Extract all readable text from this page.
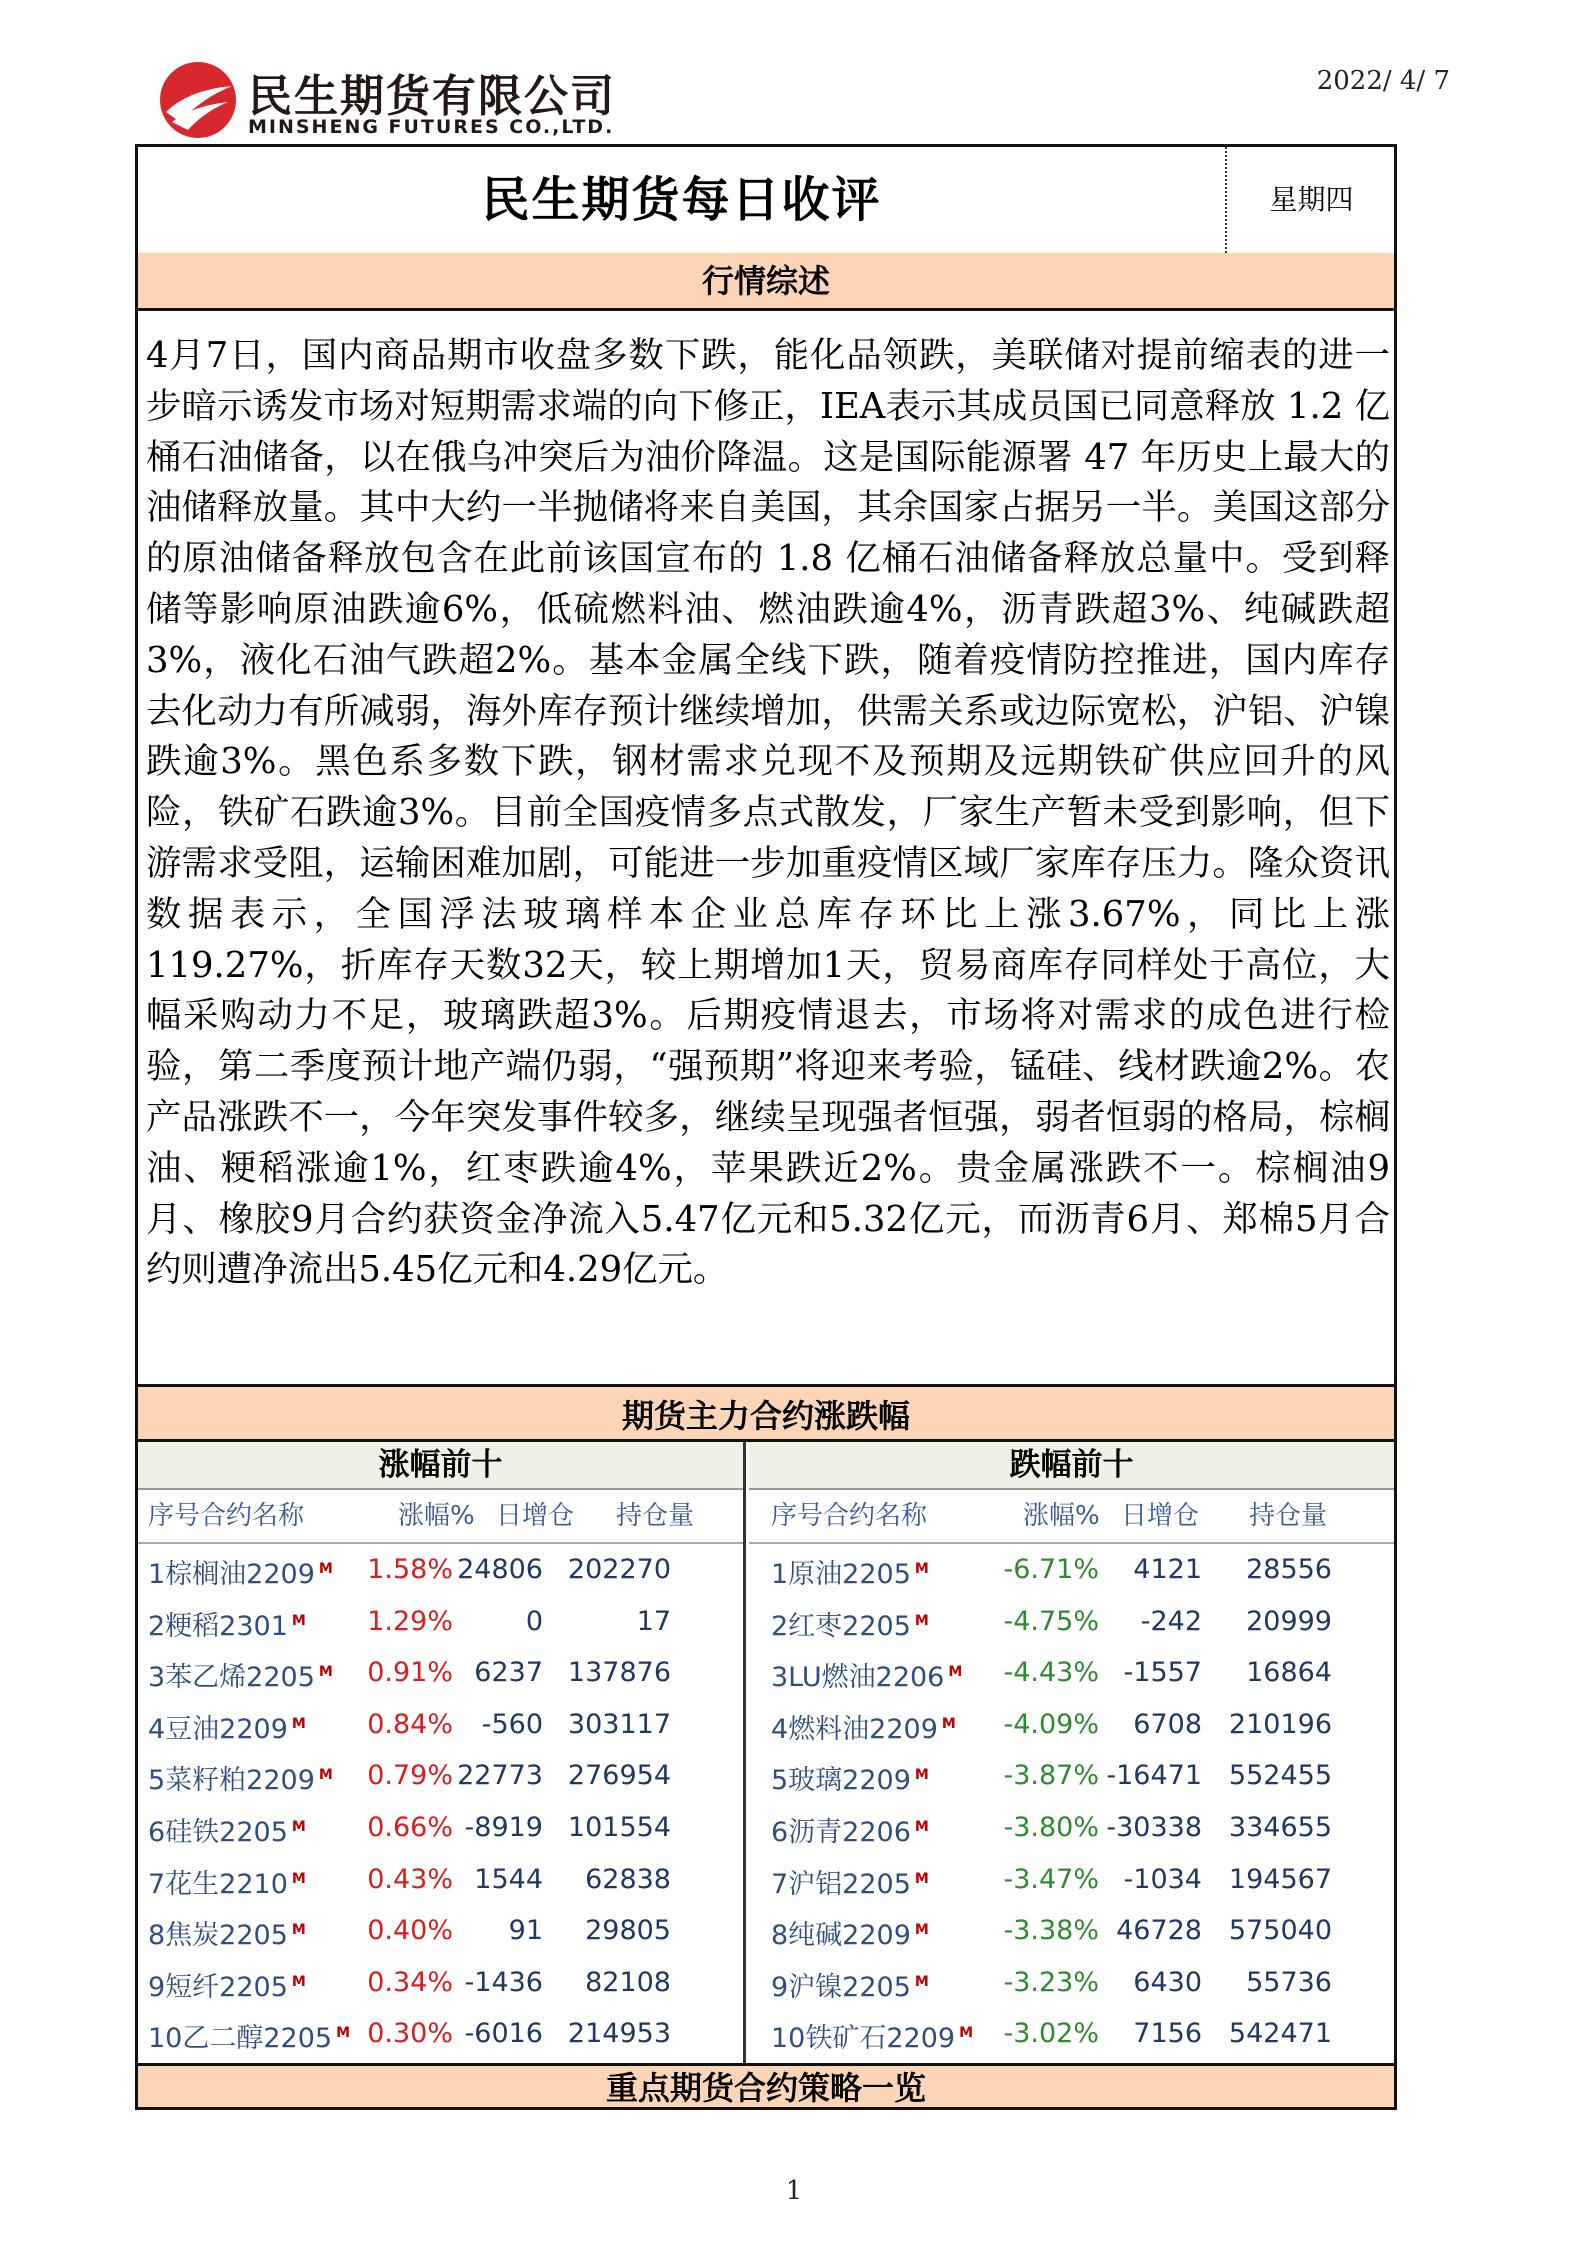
民生期货有限公司
MINSHENG FUTURES CO.,LTD.
2022/ 4/ 7
民生期货每日收评	星期四
行情综述
4月7日，国内商品期市收盘多数下跌，能化品领跌，美联储对提前缩表的进一步暗示诱发市场对短期需求端的向下修正，IEA表示其成员国已同意释放 1.2 亿桶石油储备，以在俄乌冲突后为油价降温。这是国际能源署 47 年历史上最大的油储释放量。其中大约一半抛储将来自美国，其余国家占据另一半。美国这部分的原油储备释放包含在此前该国宣布的 1.8 亿桶石油储备释放总量中。受到释储等影响原油跌逾6%，低硫燃料油、燃油跌逾4%，沥青跌超3%、纯碱跌超3%，液化石油气跌超2%。基本金属全线下跌，随着疫情防控推进，国内库存去化动力有所减弱，海外库存预计继续增加，供需关系或边际宽松，沪铝、沪镍跌逾3%。黑色系多数下跌，钢材需求兑现不及预期及远期铁矿供应回升的风险，铁矿石跌逾3%。目前全国疫情多点式散发，厂家生产暂未受到影响，但下游需求受阻，运输困难加剧，可能进一步加重疫情区域厂家库存压力。隆众资讯数据表示，全国浮法玻璃样本企业总库存环比上涨3.67%，同比上涨119.27%，折库存天数32天，较上期增加1天，贸易商库存同样处于高位，大幅采购动力不足，玻璃跌超3%。后期疫情退去，市场将对需求的成色进行检验，第二季度预计地产端仍弱，“强预期”将迎来考验，锰硅、线材跌逾2%。农产品涨跌不一，今年突发事件较多，继续呈现强者恒强，弱者恒弱的格局，棕榈油、粳稻涨逾1%，红枣跌逾4%，苹果跌近2%。贵金属涨跌不一。棕榈油9月、橡胶9月合约获资金净流入5.47亿元和5.32亿元，而沥青6月、郑棉5月合约则遭净流出5.45亿元和4.29亿元。
期货主力合约涨跌幅
涨幅前十
序号合约名称	涨幅% 日增仓 持仓量
1棕榈油2209 $^M$ 1.58% 24806 202270
2粳稻2301 $^M$ 1.29%	0	17
3苯乙烯2205 $^M$ 0.91% 6237 137876
4豆油2209 $^M$ 0.84% -560 303117
5菜籽粕2209 $^M$ 0.79% 22773 276954
6硅铁2205 $^M$ 0.66% -8919 101554
7花生2210 $^M$ 0.43% 1544 62838
8焦炭2205 $^M$ 0.40% 91 29805
9短纤2205 $^M$ 0.34% -1436 82108
10乙二醇2205 $^M$ 0.30% -6016 214953
跌幅前十
序号合约名称	涨幅% 日增仓 持仓量
1原油2205 $^M$	-6.71% 4121 28556
2红枣2205 $^M$	-4.75% -242 20999
3LU燃油2206 $^M$ -4.43% -1557 16864
4燃料油2209 $^M$ -4.09% 6708 210196
5玻璃2209 $^M$	-3.87% -16471 552455
6沥青2206 $^M$	-3.80% -30338 334655
7沪铝2205 $^M$	-3.47% -1034 194567
8纯碱2209 $^M$	-3.38% 46728 575040
9沪镍2205 $^M$	-3.23% 6430 55736
10铁矿石2209 $^M$ -3.02% 7156 542471
重点期货合约策略一览
1
